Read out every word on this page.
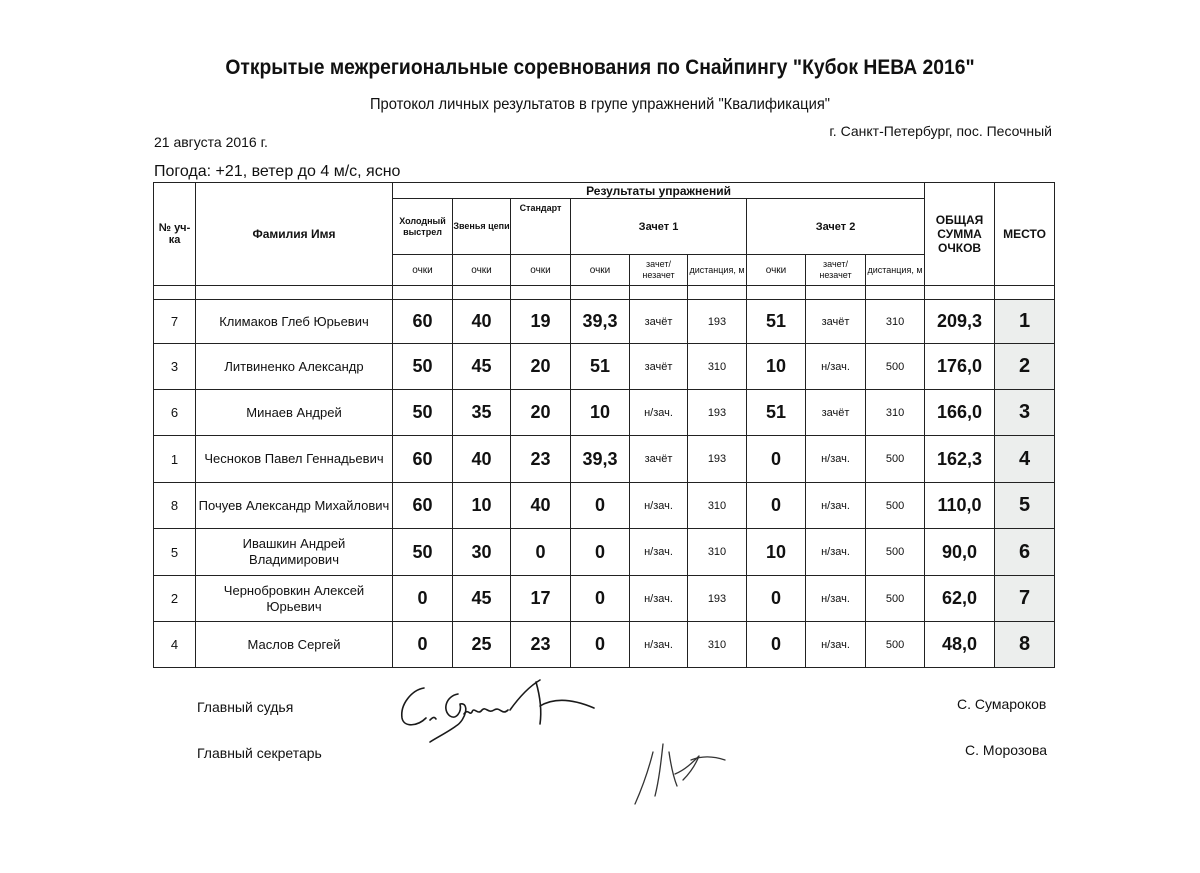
Открытые межрегиональные соревнования по Снайпингу "Кубок НЕВА 2016"
Протокол личных результатов в групе упражнений "Квалификация"
21 августа 2016 г.
г. Санкт-Петербург, пос. Песочный
Погода: +21, ветер до 4 м/с, ясно
№ уч-ка	Фамилия Имя	Результаты упражнений									ОБЩАЯ СУММА ОЧКОВ	МЕСТО
		Холодный выстрел	Звенья цепи	Стандарт	Зачет 1			Зачет 2				
		очки	очки	очки	очки	зачет/ незачет	дистанция, м	очки	зачет/ незачет	дистанция, м		

7	Климаков Глеб Юрьевич	60	40	19	39,3	зачёт	193	51	зачёт	310	209,3	1
3	Литвиненко Александр	50	45	20	51	зачёт	310	10	н/зач.	500	176,0	2
6	Минаев Андрей	50	35	20	10	н/зач.	193	51	зачёт	310	166,0	3
1	Чесноков Павел Геннадьевич	60	40	23	39,3	зачёт	193	0	н/зач.	500	162,3	4
8	Почуев Александр Михайлович	60	10	40	0	н/зач.	310	0	н/зач.	500	110,0	5
5	Ивашкин Андрей Владимирович	50	30	0	0	н/зач.	310	10	н/зач.	500	90,0	6
2	Чернобровкин Алексей Юрьевич	0	45	17	0	н/зач.	193	0	н/зач.	500	62,0	7
4	Маслов Сергей	0	25	23	0	н/зач.	310	0	н/зач.	500	48,0	8
Главный судья	С. Сумароков
Главный секретарь	С. Морозова
